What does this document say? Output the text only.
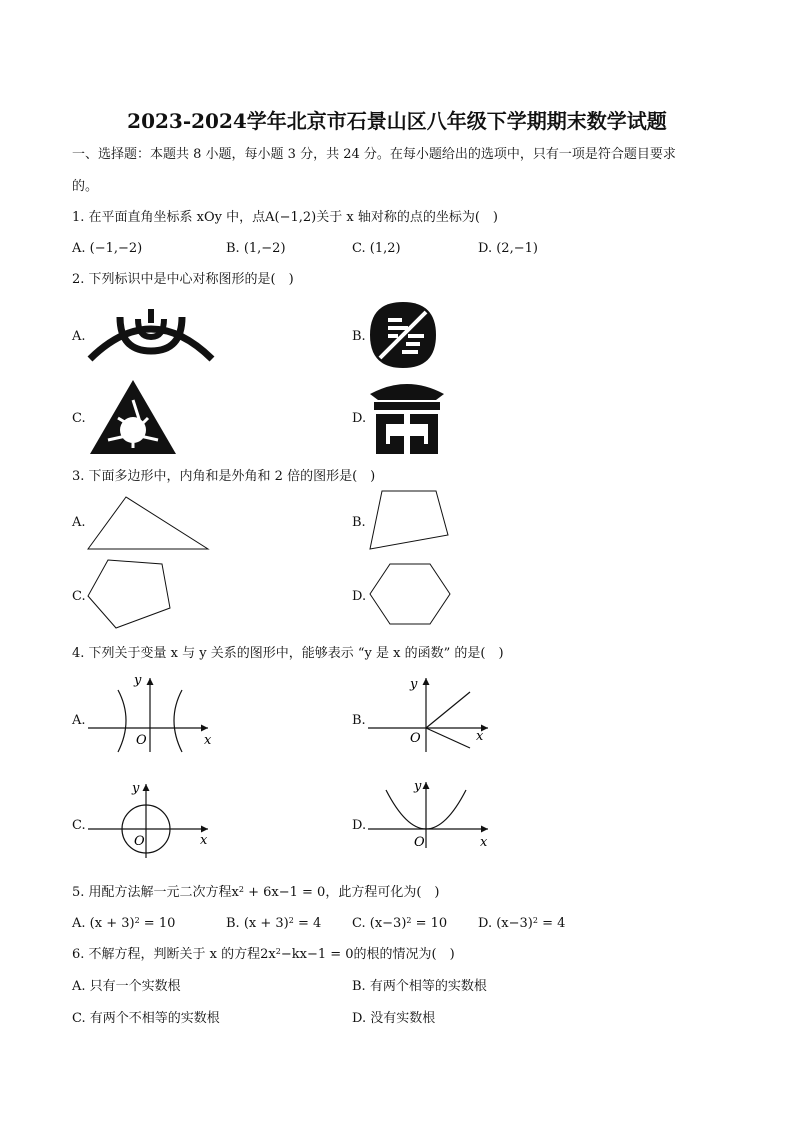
2023-2024学年北京市石景山区八年级下学期期末数学试题
一、选择题：本题共 8 小题，每小题 3 分，共 24 分。在每小题给出的选项中，只有一项是符合题目要求
的。
1. 在平面直角坐标系 xOy 中，点A(−1,2)关于 x 轴对称的点的坐标为(　)
A. (−1,−2)	B. (1,−2)	C. (1,2)	D. (2,−1)
2. 下列标识中是中心对称图形的是(　)
A.	B.
C.	D.
3. 下面多边形中，内角和是外角和 2 倍的图形是(　)
A.	B.
C.	D.
4. 下列关于变量 x 与 y 关系的图形中，能够表示 “y 是 x 的函数” 的是(　)
A.	B.
C.	D.
y
O	x
y
O	x
y
O	x
y
O	x
5. 用配方法解一元二次方程$x^2 + 6x-1 = 0$，此方程可化为(　)
A. $(x + 3)^2 = 10$	B. $(x + 3)^2 = 4$ C. $(x-3)^2 = 10$ D. $(x-3)^2 = 4$
6. 不解方程，判断关于 x 的方程$2x^2-kx-1 = 0$的根的情况为(　)
A. 只有一个实数根	B. 有两个相等的实数根
C. 有两个不相等的实数根	D. 没有实数根
